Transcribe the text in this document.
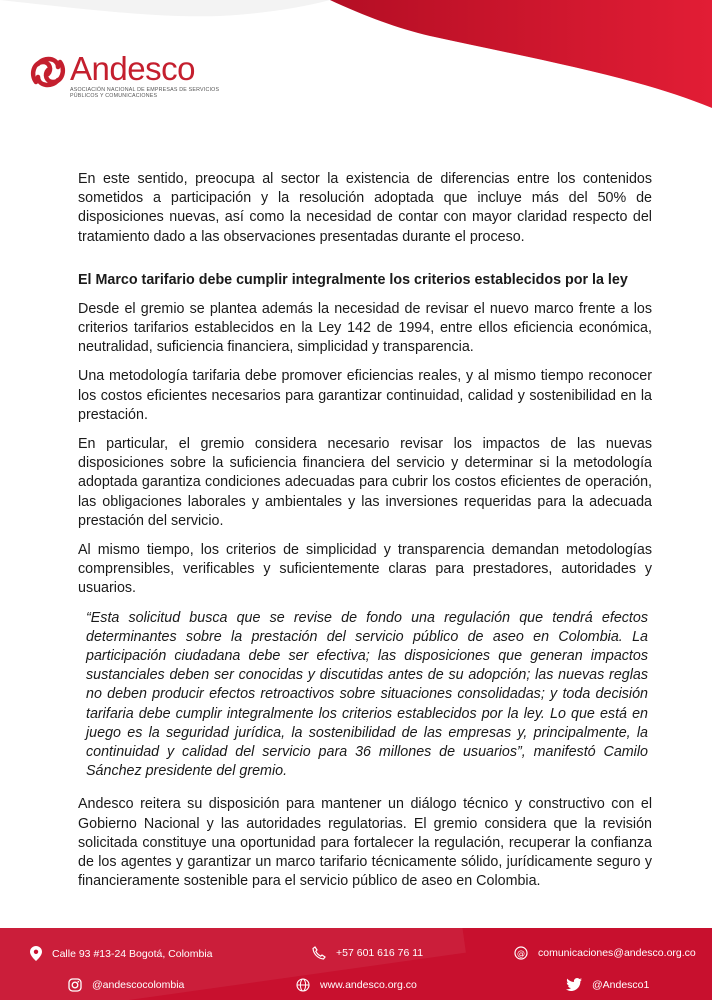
Andesco
ASOCIACIÓN NACIONAL DE EMPRESAS DE SERVICIOS PÚBLICOS Y COMUNICACIONES

En este sentido, preocupa al sector la existencia de diferencias entre los contenidos sometidos a participación y la resolución adoptada que incluye más del 50% de disposiciones nuevas, así como la necesidad de contar con mayor claridad respecto del tratamiento dado a las observaciones presentadas durante el proceso.

El Marco tarifario debe cumplir integralmente los criterios establecidos por la ley

Desde el gremio se plantea además la necesidad de revisar el nuevo marco frente a los criterios tarifarios establecidos en la Ley 142 de 1994, entre ellos eficiencia económica, neutralidad, suficiencia financiera, simplicidad y transparencia.

Una metodología tarifaria debe promover eficiencias reales, y al mismo tiempo reconocer los costos eficientes necesarios para garantizar continuidad, calidad y sostenibilidad en la prestación.

En particular, el gremio considera necesario revisar los impactos de las nuevas disposiciones sobre la suficiencia financiera del servicio y determinar si la metodología adoptada garantiza condiciones adecuadas para cubrir los costos eficientes de operación, las obligaciones laborales y ambientales y las inversiones requeridas para la adecuada prestación del servicio.

Al mismo tiempo, los criterios de simplicidad y transparencia demandan metodologías comprensibles, verificables y suficientemente claras para prestadores, autoridades y usuarios.

“Esta solicitud busca que se revise de fondo una regulación que tendrá efectos determinantes sobre la prestación del servicio público de aseo en Colombia. La participación ciudadana debe ser efectiva; las disposiciones que generan impactos sustanciales deben ser conocidas y discutidas antes de su adopción; las nuevas reglas no deben producir efectos retroactivos sobre situaciones consolidadas; y toda decisión tarifaria debe cumplir integralmente los criterios establecidos por la ley. Lo que está en juego es la seguridad jurídica, la sostenibilidad de las empresas y, principalmente, la continuidad y calidad del servicio para 36 millones de usuarios”, manifestó Camilo Sánchez presidente del gremio.

Andesco reitera su disposición para mantener un diálogo técnico y constructivo con el Gobierno Nacional y las autoridades regulatorias. El gremio considera que la revisión solicitada constituye una oportunidad para fortalecer la regulación, recuperar la confianza de los agentes y garantizar un marco tarifario técnicamente sólido, jurídicamente seguro y financieramente sostenible para el servicio público de aseo en Colombia.

Calle 93 #13-24 Bogotá, Colombia	+57 601 616 76 11	@ comunicaciones@andesco.org.co
@andescocolombia	www.andesco.org.co	@Andesco1
